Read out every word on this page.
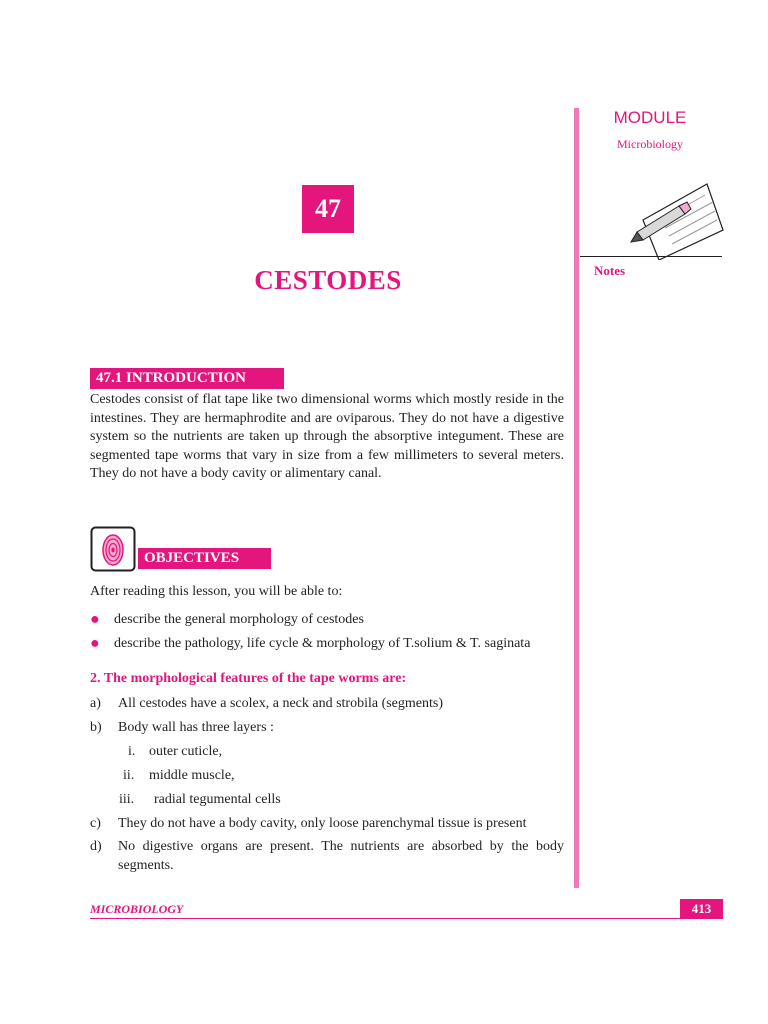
MODULE
Microbiology
Notes
47
CESTODES
47.1 INTRODUCTION
Cestodes consist of flat tape like two dimensional worms which mostly reside in the intestines. They are hermaphrodite and are oviparous. They do not have a digestive system so the nutrients are taken up through the absorptive integument. These are segmented tape worms that vary in size from a few millimeters to several meters. They do not have a body cavity or alimentary canal.
OBJECTIVES
After reading this lesson, you will be able to:
● describe the general morphology of cestodes
● describe the pathology, life cycle & morphology of T.solium & T. saginata
2. The morphological features of the tape worms are:
a) All cestodes have a scolex, a neck and strobila (segments)
b) Body wall has three layers :
i. outer cuticle,
ii. middle muscle,
iii. radial tegumental cells
c) They do not have a body cavity, only loose parenchymal tissue is present
d) No digestive organs are present. The nutrients are absorbed by the body segments.
MICROBIOLOGY	413
